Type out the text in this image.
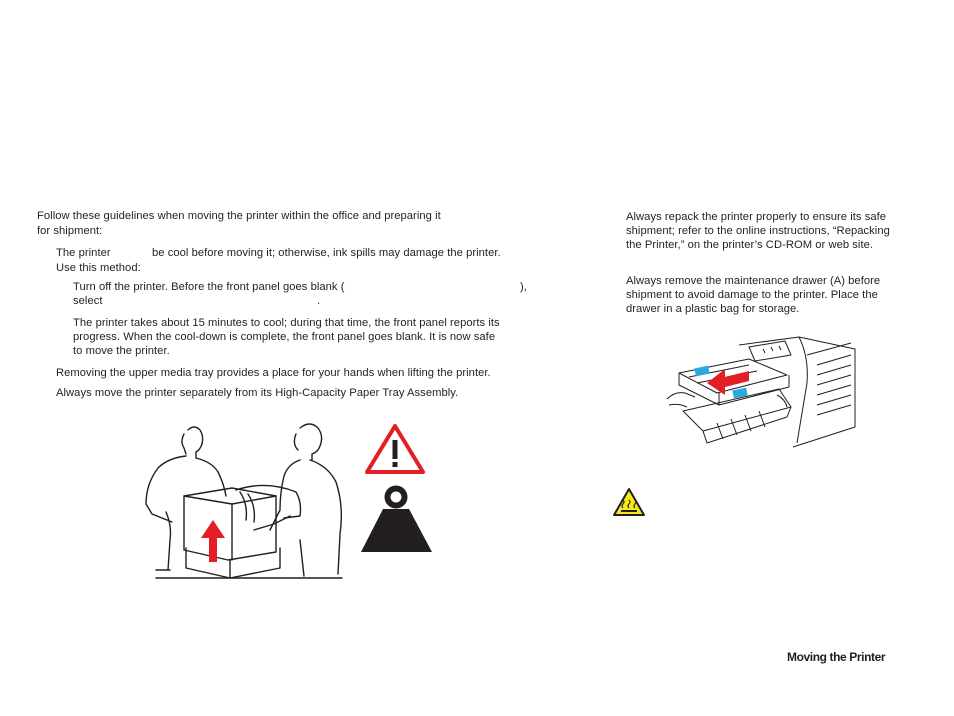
Follow these guidelines when moving the printer within the office and preparing it
for shipment:
The printer	be cool before moving it; otherwise, ink spills may damage the printer.
Use this method:
Turn off the printer. Before the front panel goes blank (	),
select	.
The printer takes about 15 minutes to cool; during that time, the front panel reports its
progress. When the cool-down is complete, the front panel goes blank. It is now safe
to move the printer.
Removing the upper media tray provides a place for your hands when lifting the printer.
Always move the printer separately from its High-Capacity Paper Tray Assembly.
Always repack the printer properly to ensure its safe
shipment; refer to the online instructions, “Repacking
the Printer,” on the printer’s CD-ROM or web site.
Always remove the maintenance drawer (A) before
shipment to avoid damage to the printer. Place the
drawer in a plastic bag for storage.
Moving the Printer
